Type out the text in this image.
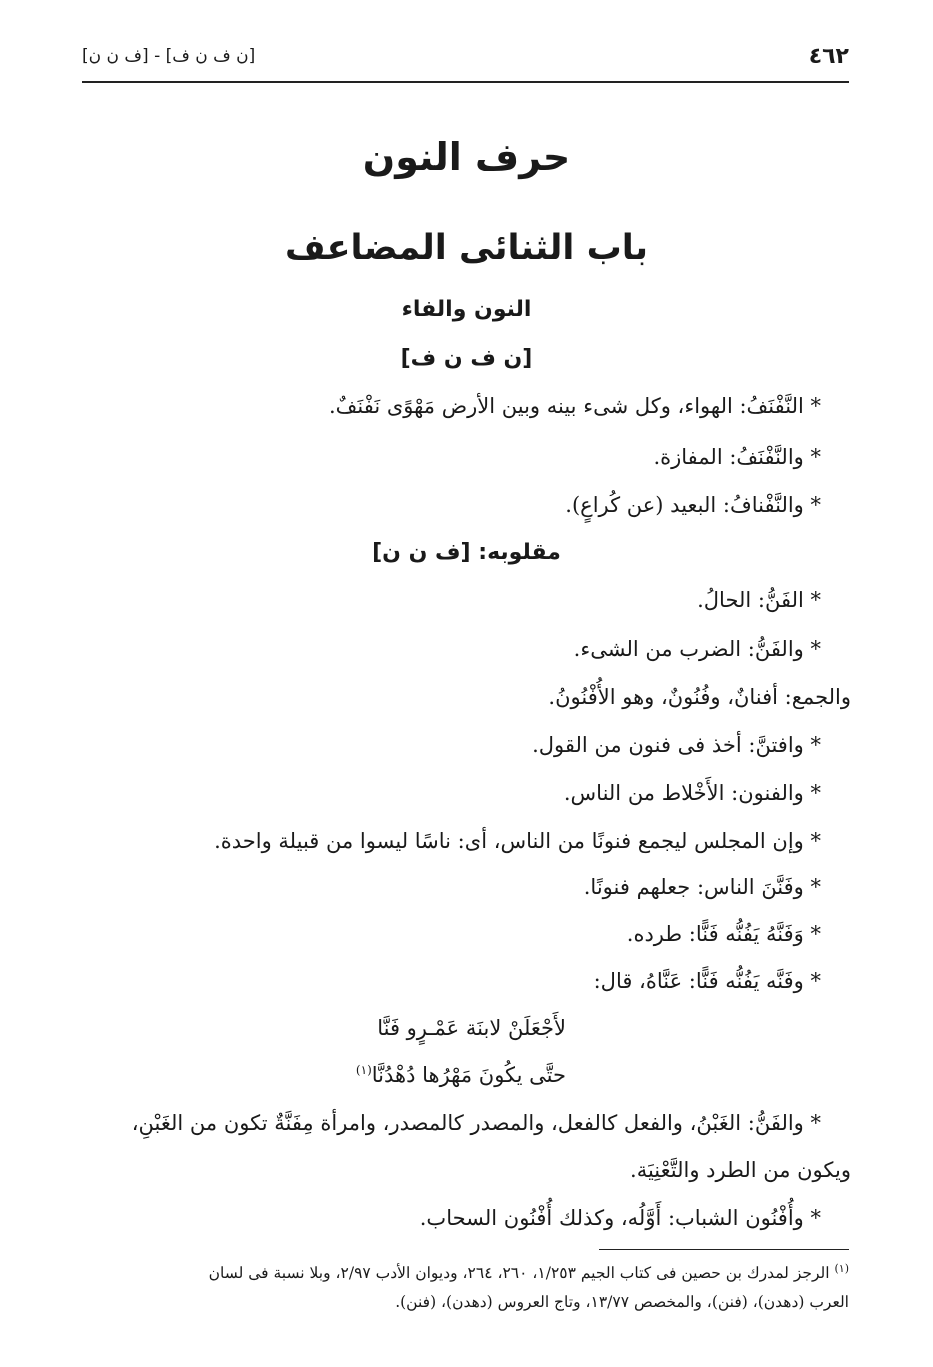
٤٦٢
[ن ف ن ف] - [ف ن ن]
حرف النون
باب الثنائى المضاعف
النون والفاء
[ن ف ن ف]
* النَّفْنَفُ: الهواء، وكل شىء بينه وبين الأرض مَهْوًى نَفْنَفٌ.
* والنَّفْنَفُ: المفازة.
* والنَّفْنافُ: البعيد (عن كُراعٍ).
مقلوبه: [ف ن ن]
* الفَنُّ: الحالُ.
* والفَنُّ: الضرب من الشىء.
والجمع: أفنانٌ، وفُنُونٌ، وهو الأُفْنُونُ.
* وافتنَّ: أخذ فى فنون من القول.
* والفنون: الأَخْلاط من الناس.
* وإن المجلس ليجمع فنونًا من الناس، أى: ناسًا ليسوا من قبيلة واحدة.
* وفَنَّنَ الناس: جعلهم فنونًا.
* وَفَنَّهُ يَفُنُّه فَنًّا: طرده.
* وفَنَّه يَفُنُّه فَنًّا: عَنَّاهُ، قال:
لأَجْعَلَنْ لابنَة عَمْـرٍو فَنَّا
حتَّى يكُونَ مَهْرُها دُهْدُنَّا$^{(١)}$
* والفَنُّ: الغَبْنُ، والفعل كالفعل، والمصدر كالمصدر، وامرأة مِفَنَّةٌ تكون من الغَبْنِ،
ويكون من الطرد والتَّعْنِيَة.
* وأُفْنُون الشباب: أَوَّلُه، وكذلك أُفْنُون السحاب.
$^{(١)}$ الرجز لمدرك بن حصين فى كتاب الجيم ١/٢٥٣، ٢٦٠، ٢٦٤، وديوان الأدب ٢/٩٧، وبلا نسبة فى لسان
العرب (دهدن)، (فنن)، والمخصص ١٣/٧٧، وتاج العروس (دهدن)، (فنن).
